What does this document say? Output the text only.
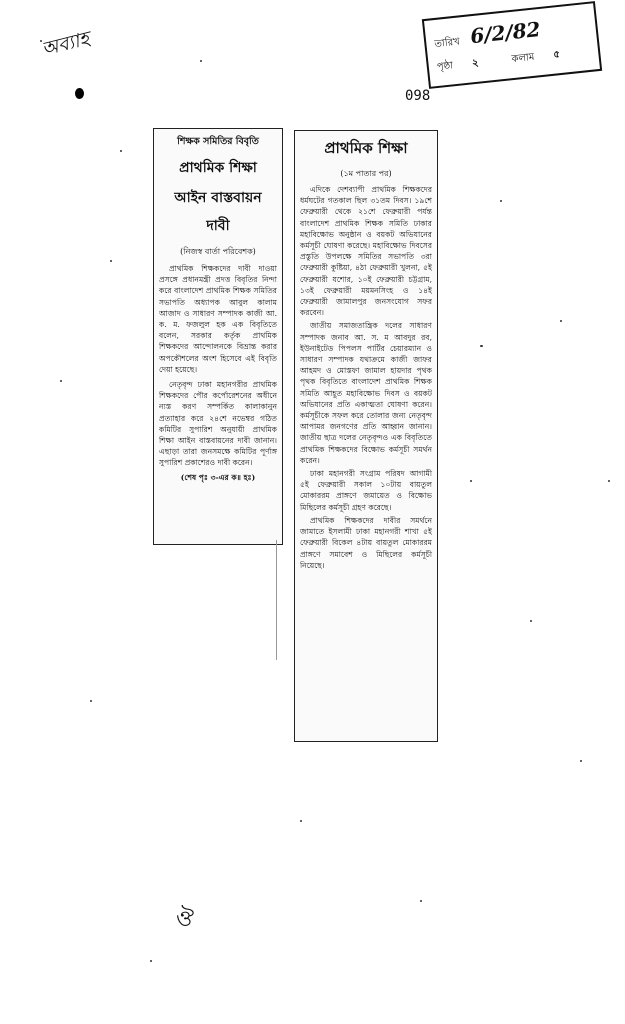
অব্যাহ
098
তারিখ 6/2/82
পৃষ্ঠা ২	কলাম ৫
শিক্ষক সমিতির বিবৃতি
প্রাথমিক শিক্ষা
আইন বাস্তবায়ন
দাবী
(নিজস্ব বার্তা পরিবেশক)

প্রাথমিক শিক্ষকদের দাবী দাওয়া প্রসঙ্গে প্রধানমন্ত্রী প্রদত্ত বিবৃতির নিন্দা করে বাংলাদেশ প্রাথমিক শিক্ষক সমিতির সভাপতি অধ্যাপক আবুল কালাম আজাদ ও সাধারণ সম্পাদক কাজী আ. ক. ম. ফজলুল হক এক বিবৃতিতে বলেন, সরকার কর্তৃক প্রাথমিক শিক্ষকদের আন্দোলনকে বিভ্রান্ত করার অপকৌশলের অংশ হিসেবে এই বিবৃতি দেয়া হয়েছে।

নেতৃবৃন্দ ঢাকা মহানগরীর প্রাথমিক শিক্ষকদের পৌর কর্পোরেশনের অধীনে ন্যস্ত করণ সম্পর্কিত কালাকানুন প্রত্যাহার করে ২৪শে নভেম্বর গঠিত কমিটির সুপারিশ অনুযায়ী প্রাথমিক শিক্ষা আইন বাস্তবায়নের দাবী জানান। এছাড়া তারা জনসমক্ষে কমিটির পূর্ণাঙ্গ সুপারিশ প্রকাশেরও দাবী করেন।

(শেষ পৃঃ ৩-এর ক॥ হঃ)

প্রাথমিক শিক্ষা
(১ম পাতার পর)

এদিকে দেশব্যাপী প্রাথমিক শিক্ষকদের ধর্মঘটের গতকাল ছিল ৩১তম দিবস। ১৯শে ফেব্রুয়ারী থেকে ২১শে ফেব্রুয়ারী পর্যন্ত বাংলাদেশ প্রাথমিক শিক্ষক সমিতি ঢাকার মহাবিক্ষোভ অনুষ্ঠান ও বয়কট অভিযানের কর্মসূচী ঘোষণা করেছে। মহাবিক্ষোভ দিবসের প্রস্তুতি উপলক্ষে সমিতির সভাপতি ৩রা ফেব্রুয়ারী কুষ্টিয়া, ৪ঠা ফেব্রুয়ারী খুলনা, ৫ই ফেব্রুয়ারী যশোর, ১০ই ফেব্রুয়ারী চট্টগ্রাম, ১৩ই ফেব্রুয়ারী ময়মনসিংহ ও ১৪ই ফেব্রুয়ারী জামালপুর জনসংযোগ সফর করবেন।

জাতীয় সমাজতান্ত্রিক দলের সাধারণ সম্পাদক জনাব আ. স. ম আবদুর রব, ইউনাইটেড পিপলস পার্টির চেয়ারম্যান ও সাধারণ সম্পাদক যথাক্রমে কাজী জাফর আহমদ ও মোস্তফা জামাল হায়দার পৃথক পৃথক বিবৃতিতে বাংলাদেশ প্রাথমিক শিক্ষক সমিতি আহূত মহাবিক্ষোভ দিবস ও বয়কট অভিযানের প্রতি একাত্মতা ঘোষণা করেন। কর্মসূচীকে সফল করে তোলার জন্য নেতৃবৃন্দ আপামর জনগণের প্রতি আহ্বান জানান। জাতীয় ছাত্র দলের নেতৃবৃন্দও এক বিবৃতিতে প্রাথমিক শিক্ষকদের বিক্ষোভ কর্মসূচী সমর্থন করেন।

ঢাকা মহানগরী সংগ্রাম পরিষদ আগামী ৫ই ফেব্রুয়ারী সকাল ১০টায় বায়তুল মোকাররম প্রাঙ্গণে জমায়েত ও বিক্ষোভ মিছিলের কর্মসূচী গ্রহণ করেছে।

প্রাথমিক শিক্ষকদের দাবীর সমর্থনে জামাতে ইসলামী ঢাকা মহানগরী শাখা ৫ই ফেব্রুয়ারী বিকেল ৪টায় বায়তুল মোকাররম প্রাঙ্গণে সমাবেশ ও মিছিলের কর্মসূচী নিয়েছে।

ঔ
